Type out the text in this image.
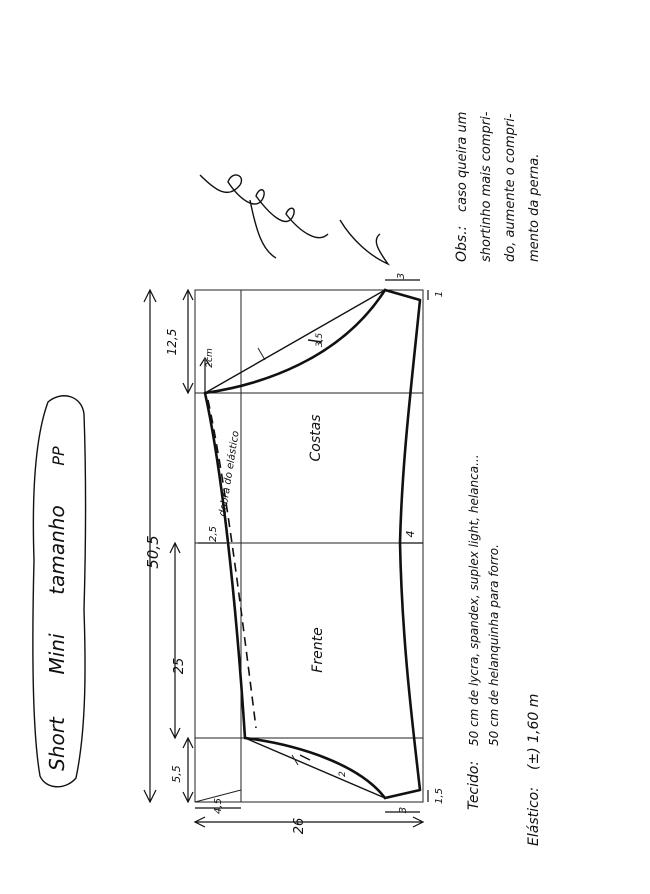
50,5
12,5
25
5,5
26
4,5
2cm
3,5
2
2,5	4
3
1
3
1,5
Costas
Frente
dobra do elástico
Short
Mini
tamanho
PP
Tecido:
50 cm de lycra, spandex, suplex light, helanca... 50 cm de helanquinha para forro.
Elástico:
(±) 1,60 m
Obs.:
caso queira um shortinho mais compri- do, aumente o compri- mento da perna.
